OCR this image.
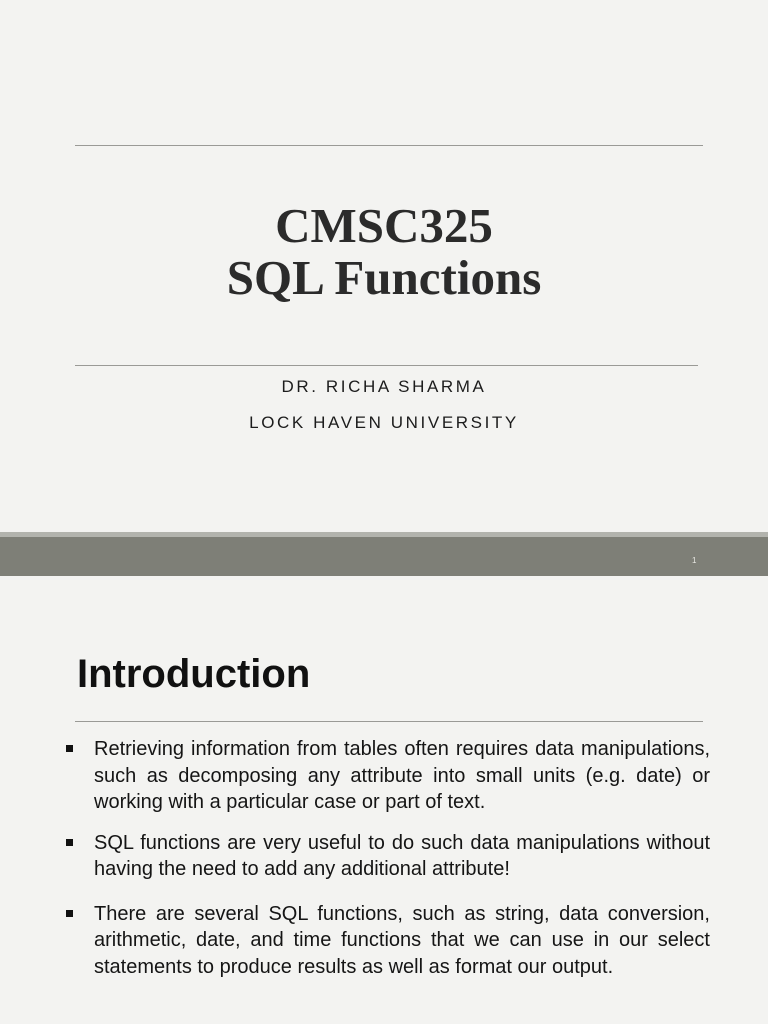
CMSC325
SQL Functions
DR. RICHA SHARMA
LOCK HAVEN UNIVERSITY
1
Introduction
Retrieving information from tables often requires data manipulations, such as decomposing any attribute into small units (e.g. date) or working with a particular case or part of text.
SQL functions are very useful to do such data manipulations without having the need to add any additional attribute!
There are several SQL functions, such as string, data conversion, arithmetic, date, and time functions that we can use in our select statements to produce results as well as format our output.
